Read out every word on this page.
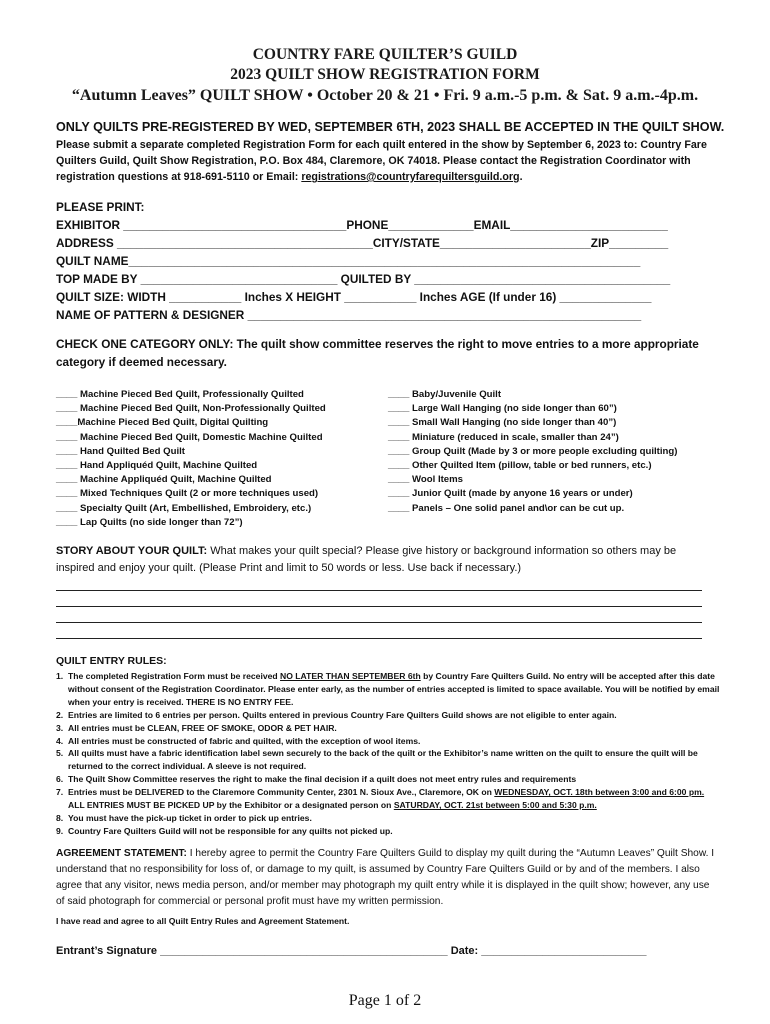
COUNTRY FARE QUILTER’S GUILD
2023 QUILT SHOW REGISTRATION FORM
“Autumn Leaves” QUILT SHOW • October 20 & 21 • Fri. 9 a.m.-5 p.m. & Sat. 9 a.m.-4p.m.
ONLY QUILTS PRE-REGISTERED BY WED, SEPTEMBER 6TH, 2023 SHALL BE ACCEPTED IN THE QUILT SHOW.
Please submit a separate completed Registration Form for each quilt entered in the show by September 6, 2023 to: Country Fare Quilters Guild, Quilt Show Registration, P.O. Box 484, Claremore, OK 74018. Please contact the Registration Coordinator with registration questions at 918-691-5110 or Email: registrations@countryfarequiltersguild.org.
PLEASE PRINT:
EXHIBITOR __________________________________PHONE_____________EMAIL________________________
ADDRESS _______________________________________CITY/STATE_______________________ZIP_________
QUILT NAME______________________________________________________________________________
TOP MADE BY ______________________________ QUILTED BY _______________________________________
QUILT SIZE: WIDTH ___________ Inches X HEIGHT ___________ Inches AGE (If under 16) ______________
NAME OF PATTERN & DESIGNER ____________________________________________________________
CHECK ONE CATEGORY ONLY: The quilt show committee reserves the right to move entries to a more appropriate category if deemed necessary.
____ Machine Pieced Bed Quilt, Professionally Quilted
____ Machine Pieced Bed Quilt, Non-Professionally Quilted
____Machine Pieced Bed Quilt, Digital Quilting
____ Machine Pieced Bed Quilt, Domestic Machine Quilted
____ Hand Quilted Bed Quilt
____ Hand Appliquéd Quilt, Machine Quilted
____ Machine Appliquéd Quilt, Machine Quilted
____ Mixed Techniques Quilt (2 or more techniques used)
____ Specialty Quilt (Art, Embellished, Embroidery, etc.)
____ Lap Quilts (no side longer than 72”)
____ Baby/Juvenile Quilt
____ Large Wall Hanging (no side longer than 60”)
____ Small Wall Hanging (no side longer than 40”)
____ Miniature (reduced in scale, smaller than 24”)
____ Group Quilt (Made by 3 or more people excluding quilting)
____ Other Quilted Item (pillow, table or bed runners, etc.)
____ Wool Items
____ Junior Quilt (made by anyone 16 years or under)
____ Panels – One solid panel and\or can be cut up.
STORY ABOUT YOUR QUILT: What makes your quilt special? Please give history or background information so others may be inspired and enjoy your quilt. (Please Print and limit to 50 words or less. Use back if necessary.)
QUILT ENTRY RULES:
1. The completed Registration Form must be received NO LATER THAN SEPTEMBER 6th by Country Fare Quilters Guild. No entry will be accepted after this date without consent of the Registration Coordinator. Please enter early, as the number of entries accepted is limited to space available. You will be notified by email when your entry is received. THERE IS NO ENTRY FEE.
2. Entries are limited to 6 entries per person. Quilts entered in previous Country Fare Quilters Guild shows are not eligible to enter again.
3. All entries must be CLEAN, FREE OF SMOKE, ODOR & PET HAIR.
4. All entries must be constructed of fabric and quilted, with the exception of wool items.
5. All quilts must have a fabric identification label sewn securely to the back of the quilt or the Exhibitor’s name written on the quilt to ensure the quilt will be returned to the correct individual. A sleeve is not required.
6. The Quilt Show Committee reserves the right to make the final decision if a quilt does not meet entry rules and requirements
7. Entries must be DELIVERED to the Claremore Community Center, 2301 N. Sioux Ave., Claremore, OK on WEDNESDAY, OCT. 18th between 3:00 and 6:00 pm.
ALL ENTRIES MUST BE PICKED UP by the Exhibitor or a designated person on SATURDAY, OCT. 21st between 5:00 and 5:30 p.m.
8. You must have the pick-up ticket in order to pick up entries.
9. Country Fare Quilters Guild will not be responsible for any quilts not picked up.
AGREEMENT STATEMENT: I hereby agree to permit the Country Fare Quilters Guild to display my quilt during the “Autumn Leaves” Quilt Show. I understand that no responsibility for loss of, or damage to my quilt, is assumed by Country Fare Quilters Guild or by and of the members. I also agree that any visitor, news media person, and/or member may photograph my quilt entry while it is displayed in the quilt show; however, any use of said photograph for commercial or personal profit must have my written permission.
I have read and agree to all Quilt Entry Rules and Agreement Statement.
Entrant’s Signature _______________________________________________ Date: ___________________________
Page 1 of 2
